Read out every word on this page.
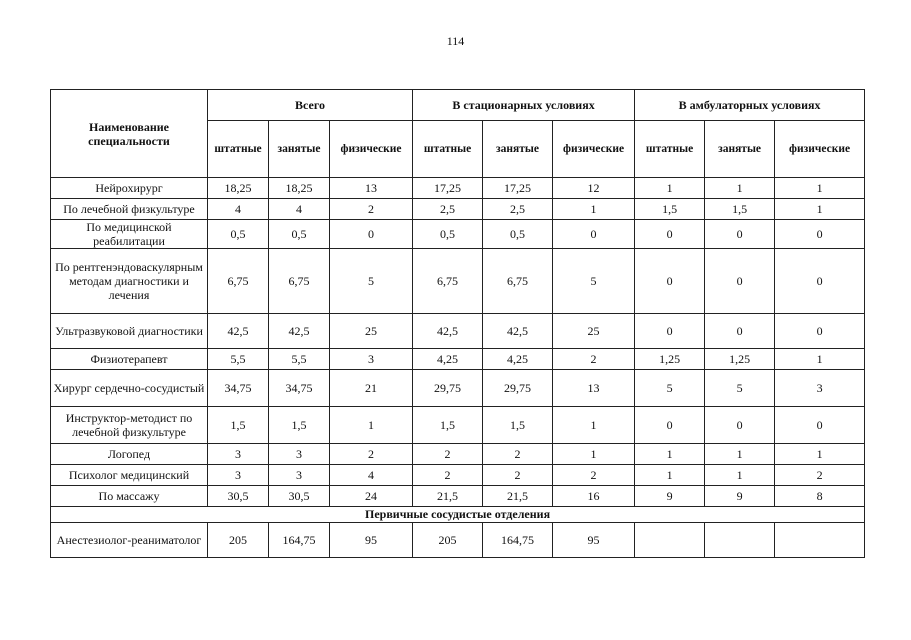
114
Наименование специальности	Всего			В стационарных условиях			В амбулаторных условиях		
	штатные	занятые	физические	штатные	занятые	физические	штатные	занятые	физические
Нейрохирург	18,25	18,25	13	17,25	17,25	12	1	1	1
По лечебной физкультуре	4	4	2	2,5	2,5	1	1,5	1,5	1
По медицинской реабилитации	0,5	0,5	0	0,5	0,5	0	0	0	0
По рентгенэндоваскулярным методам диагностики и лечения	6,75	6,75	5	6,75	6,75	5	0	0	0
Ультразвуковой диагностики	42,5	42,5	25	42,5	42,5	25	0	0	0
Физиотерапевт	5,5	5,5	3	4,25	4,25	2	1,25	1,25	1
Хирург сердечно-сосудистый	34,75	34,75	21	29,75	29,75	13	5	5	3
Инструктор-методист по лечебной физкультуре	1,5	1,5	1	1,5	1,5	1	0	0	0
Логопед	3	3	2	2	2	1	1	1	1
Психолог медицинский	3	3	4	2	2	2	1	1	2
По массажу	30,5	30,5	24	21,5	21,5	16	9	9	8
Первичные сосудистые отделения									
Анестезиолог-реаниматолог	205	164,75	95	205	164,75	95			
